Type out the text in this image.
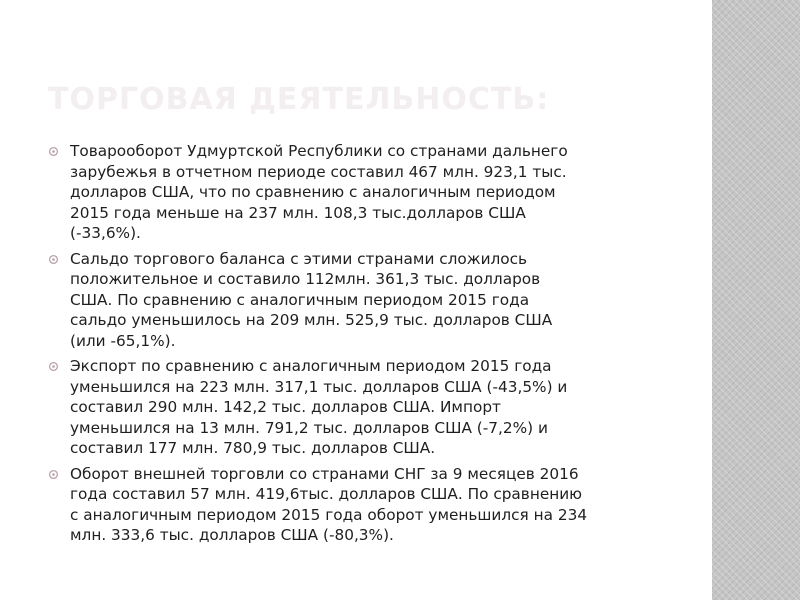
ТОРГОВАЯ ДЕЯТЕЛЬНОСТЬ:
Товарооборот Удмуртской Республики со странами дальнего
зарубежья в отчетном периоде составил 467 млн. 923,1 тыс.
долларов США, что по сравнению с аналогичным периодом
2015 года меньше на 237 млн. 108,3 тыс.долларов США
(-33,6%).
Сальдо торгового баланса с этими странами сложилось
положительное и составило 112млн. 361,3 тыс. долларов
США. По сравнению с аналогичным периодом 2015 года
сальдо уменьшилось на 209 млн. 525,9 тыс. долларов США
(или -65,1%).
Экспорт по сравнению с аналогичным периодом 2015 года
уменьшился на 223 млн. 317,1 тыс. долларов США (-43,5%) и
составил 290 млн. 142,2 тыс. долларов США. Импорт
уменьшился на 13 млн. 791,2 тыс. долларов США (-7,2%) и
составил 177 млн. 780,9 тыс. долларов США.
Оборот внешней торговли со странами СНГ за 9 месяцев 2016
года составил 57 млн. 419,6тыс. долларов США. По сравнению
с аналогичным периодом 2015 года оборот уменьшился на 234
млн. 333,6 тыс. долларов США (-80,3%).
